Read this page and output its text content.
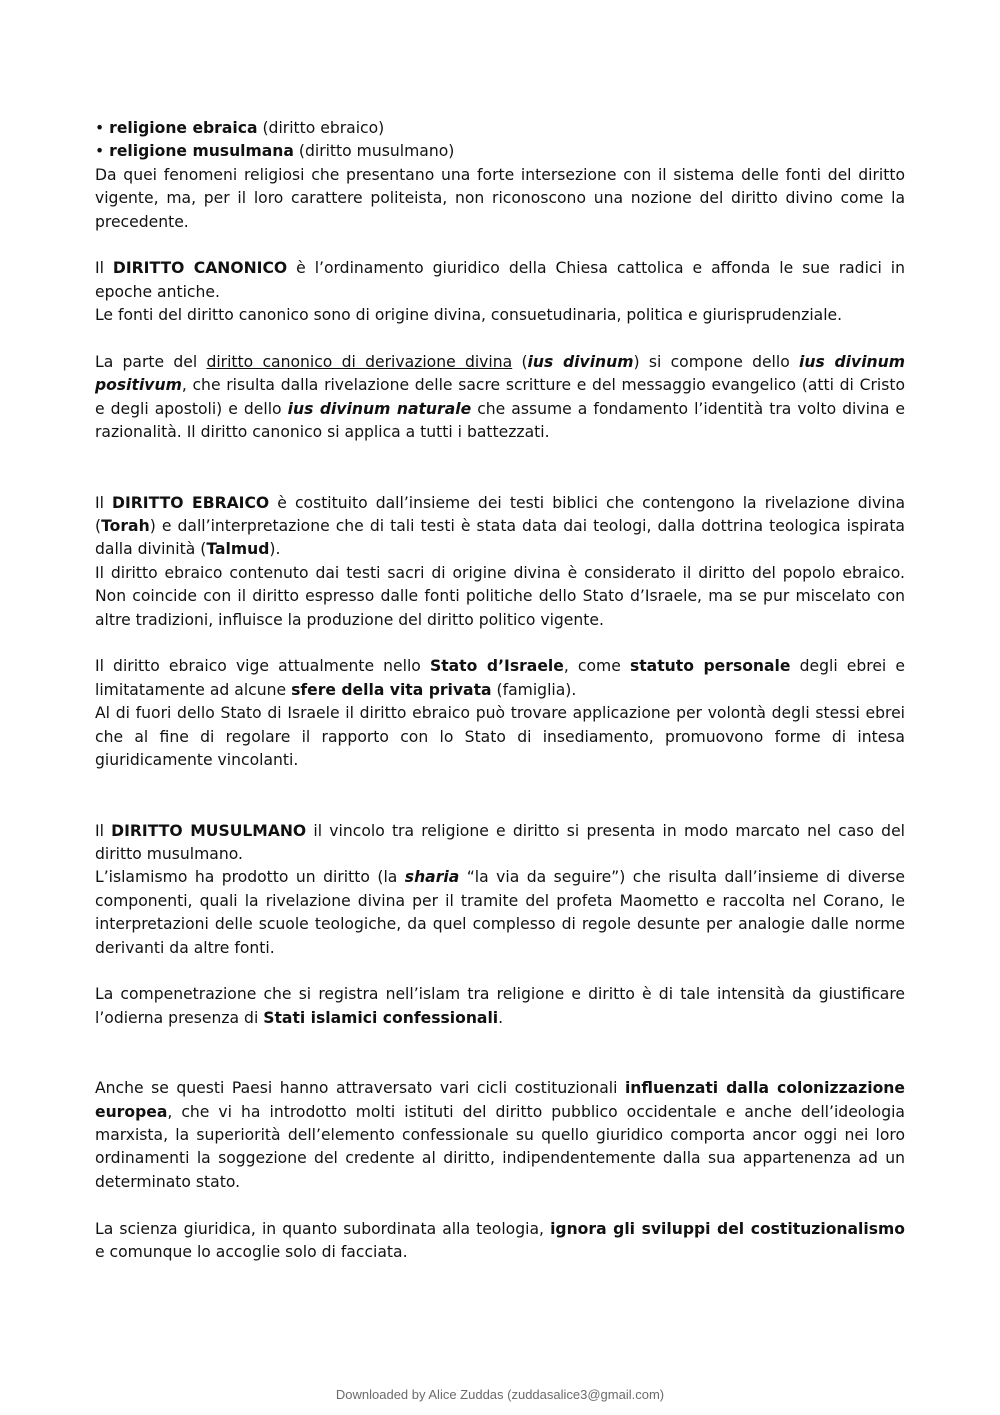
• religione ebraica (diritto ebraico)

• religione musulmana (diritto musulmano)

Da quei fenomeni religiosi che presentano una forte intersezione con il sistema delle fonti del diritto vigente, ma, per il loro carattere politeista, non riconoscono una nozione del diritto divino come la precedente.

Il DIRITTO CANONICO è l’ordinamento giuridico della Chiesa cattolica e affonda le sue radici in epoche antiche.

Le fonti del diritto canonico sono di origine divina, consuetudinaria, politica e giurisprudenziale.

La parte del diritto canonico di derivazione divina (ius divinum) si compone dello ius divinum positivum, che risulta dalla rivelazione delle sacre scritture e del messaggio evangelico (atti di Cristo e degli apostoli) e dello ius divinum naturale che assume a fondamento l’identità tra volto divina e razionalità. Il diritto canonico si applica a tutti i battezzati.

Il DIRITTO EBRAICO è costituito dall’insieme dei testi biblici che contengono la rivelazione divina (Torah) e dall’interpretazione che di tali testi è stata data dai teologi, dalla dottrina teologica ispirata dalla divinità (Talmud).

Il diritto ebraico contenuto dai testi sacri di origine divina è considerato il diritto del popolo ebraico. Non coincide con il diritto espresso dalle fonti politiche dello Stato d’Israele, ma se pur miscelato con altre tradizioni, influisce la produzione del diritto politico vigente.

Il diritto ebraico vige attualmente nello Stato d’Israele, come statuto personale degli ebrei e limitatamente ad alcune sfere della vita privata (famiglia).

Al di fuori dello Stato di Israele il diritto ebraico può trovare applicazione per volontà degli stessi ebrei che al fine di regolare il rapporto con lo Stato di insediamento, promuovono forme di intesa giuridicamente vincolanti.

Il DIRITTO MUSULMANO il vincolo tra religione e diritto si presenta in modo marcato nel caso del diritto musulmano.

L’islamismo ha prodotto un diritto (la sharia “la via da seguire”) che risulta dall’insieme di diverse componenti, quali la rivelazione divina per il tramite del profeta Maometto e raccolta nel Corano, le interpretazioni delle scuole teologiche, da quel complesso di regole desunte per analogie dalle norme derivanti da altre fonti.

La compenetrazione che si registra nell’islam tra religione e diritto è di tale intensità da giustificare l’odierna presenza di Stati islamici confessionali.

Anche se questi Paesi hanno attraversato vari cicli costituzionali influenzati dalla colonizzazione europea, che vi ha introdotto molti istituti del diritto pubblico occidentale e anche dell’ideologia marxista, la superiorità dell’elemento confessionale su quello giuridico comporta ancor oggi nei loro ordinamenti la soggezione del credente al diritto, indipendentemente dalla sua appartenenza ad un determinato stato.

La scienza giuridica, in quanto subordinata alla teologia, ignora gli sviluppi del costituzionalismo e comunque lo accoglie solo di facciata.

Downloaded by Alice Zuddas (zuddasalice3@gmail.com)
